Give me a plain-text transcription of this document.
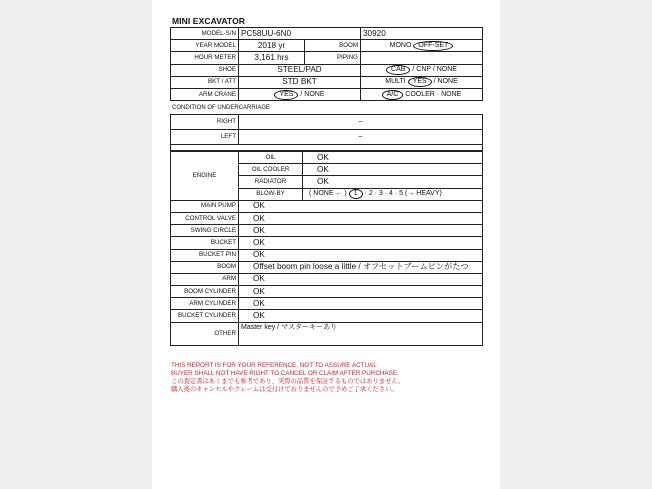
MINI EXCAVATOR
MODEL-S/N	PC58UU-6N0		30920
YEAR MODEL	2018 yr	BOOM	MONO OFF-SET
HOUR METER	3,161 hrs	PIPING	
SHOE	STEEL/PAD		CAB / CNP / NONE
BKT / ATT	STD BKT		MULTI YES / NONE
ARM CRANE	YES / NONE		A/C COOLER · NONE
CONDITION OF UNDERCARRIAGE
RIGHT	–
LEFT	–

ENGINE	OIL	OK
	OIL COOLER	OK
	RADIATOR	OK
	BLOW-BY	( NONE ← ) 1 · 2 · 3 · 4 · 5 (→ HEAVY)
MAIN PUMP	OK	
CONTROL VALVE	OK	
SWING CIRCLE	OK	
BUCKET	OK	
BUCKET PIN	OK	
BOOM	Offset boom pin loose a little / オフセットブームピンがたつ	
ARM	OK	
BOOM CYLINDER	OK	
ARM CYLINDER	OK	
BUCKET CYLINDER	OK	
OTHER	Master key / マスターキーあり	
THIS REPORT IS FOR YOUR REFERENCE, NOT TO ASSURE ACTUAL
BUYER SHALL NOT HAVE RIGHT TO CANCEL OR CLAIM AFTER PURCHASE.
この査定書はあくまでも参考であり、実際の品質を保証するものではありません。
購入後のキャンセルやクレームは受付けておりませんので予めご了承ください。
